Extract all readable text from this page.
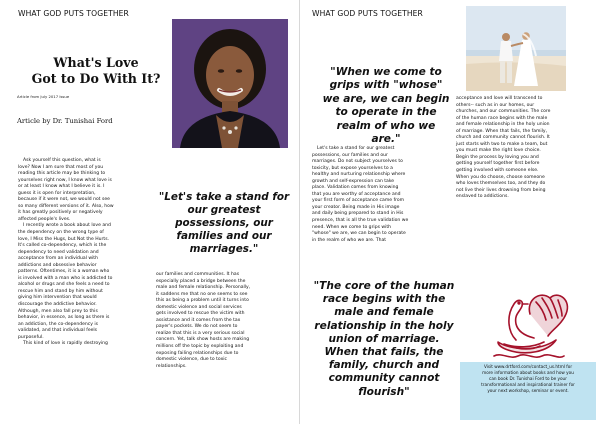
WHAT GOD PUTS TOGETHER
What's Love
Got to Do With It?
Article from July 2017 Issue
Article by Dr. Tunishai Ford

Ask yourself this question, what is
love? Now I am sure that most of you
reading this article may be thinking to
yourselves right now, I know what love is
or at least I know what I believe it is. I
guess it is open for interpretation,
because if it were not, we would not see
so many different versions of it. Also, how
it has greatly positively or negatively
affected people's lives.
I recently wrote a book about love and
the dependency on the wrong type of
love, I Miss the Hugs, but Not the Hurts.
It's called co-dependency, which is the
dependency to need validation and
acceptance from an individual with
addictions and obsessive behavior
patterns. Oftentimes, it is a woman who
is involved with a man who is addicted to
alcohol or drugs and she feels a need to
rescue him and stand by him without
giving him intervention that would
discourage the addictive behavior.
Although, men also fall prey to this
behavior, in essence, as long as there is
an addiction, the co-dependency is
validated, and that individual feels
purposeful.
This kind of love is rapidly destroying

"Let's take a stand for our greatest possessions, our families and our marriages."

our families and communities. It has
especially placed a bridge between the
male and female relationship. Personally,
it saddens me that no one seems to see
this as being a problem until it turns into
domestic violence and social services
gets involved to rescue the victim with
assistance and it comes from the tax
payer's pockets. We do not seem to
realize that this is a very serious social
concern. Yet, talk show hosts are making
millions off the topic by exploiting and
exposing failing relationships due to
domestic violence, due to toxic
relationships.

WHAT GOD PUTS TOGETHER

"When we come to grips with "whose" we are, we can begin to operate in the realm of who we are."

Let's take a stand for our greatest
possessions, our families and our
marriages. Do not subject yourselves to
toxicity, but expose yourselves to a
healthy and nurturing relationship where
growth and self-expression can take
place. Validation comes from knowing
that you are worthy of acceptance and
your first form of acceptance came from
your creator. Being made in His image
and daily being prepared to stand in His
presence, that is all the true validation we
need. When we come to grips with
"whose" we are, we can begin to operate
in the realm of who we are. That

"The core of the human race begins with the male and female relationship in the holy union of marriage. When that fails, the family, church and community cannot flourish"

acceptance and love will transcend to
others-- such as in our homes, our
churches, and our communities. The core
of the human race begins with the male
and female relationship in the holy union
of marriage. When that fails, the family,
church and community cannot flourish. It
just starts with two to make a team, but
you must make the right love choice.
Begin the process by loving you and
getting yourself together first before
getting involved with someone else.
When you do choose, choose someone
who loves themselves too, and they do
not live their lives drowning from being
enslaved to addictions.

Visit www.drtford.com/contact_us.html for
more information about books and how you
can book Dr. Tunishai Ford to be your
transformational and inspirational trainer for
your next workshop, seminar or event.
